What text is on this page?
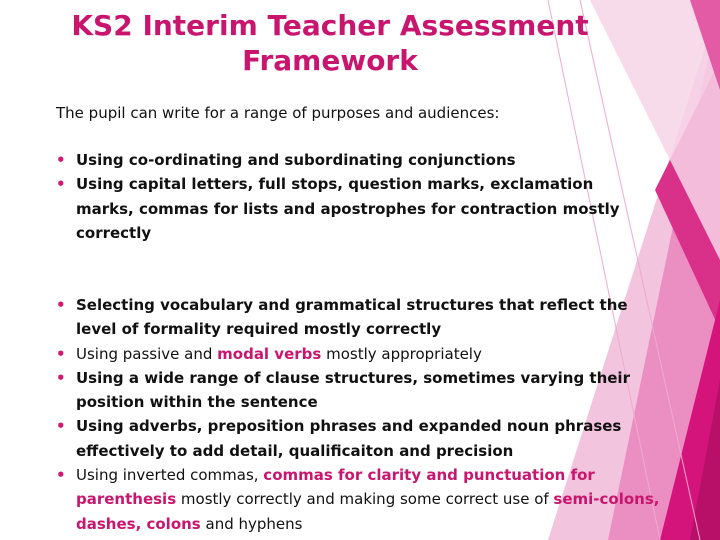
KS2 Interim Teacher Assessment Framework
The pupil can write for a range of purposes and audiences:
• Using co-ordinating and subordinating conjunctions
• Using capital letters, full stops, question marks, exclamation marks, commas for lists and apostrophes for contraction mostly correctly
• Selecting vocabulary and grammatical structures that reflect the level of formality required mostly correctly
• Using passive and modal verbs mostly appropriately
• Using a wide range of clause structures, sometimes varying their position within the sentence
• Using adverbs, preposition phrases and expanded noun phrases effectively to add detail, qualificaiton and precision
• Using inverted commas, commas for clarity and punctuation for parenthesis mostly correctly and making some correct use of semi-colons, dashes, colons and hyphens
